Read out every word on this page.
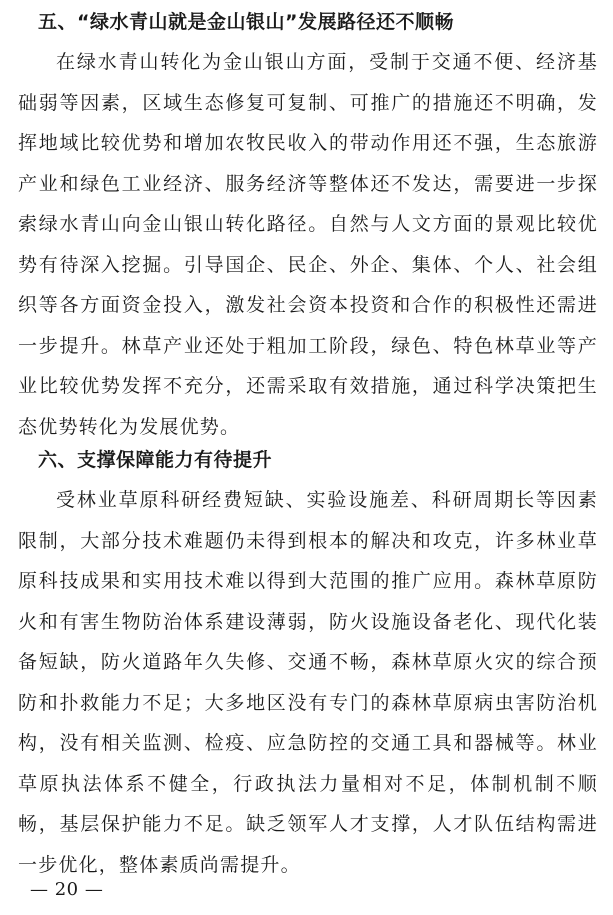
五、“绿水青山就是金山银山”发展路径还不顺畅

在绿水青山转化为金山银山方面，受制于交通不便、经济基础弱等因素，区域生态修复可复制、可推广的措施还不明确，发挥地域比较优势和增加农牧民收入的带动作用还不强，生态旅游产业和绿色工业经济、服务经济等整体还不发达，需要进一步探索绿水青山向金山银山转化路径。自然与人文方面的景观比较优势有待深入挖掘。引导国企、民企、外企、集体、个人、社会组织等各方面资金投入，激发社会资本投资和合作的积极性还需进一步提升。林草产业还处于粗加工阶段，绿色、特色林草业等产业比较优势发挥不充分，还需采取有效措施，通过科学决策把生态优势转化为发展优势。

六、支撑保障能力有待提升

受林业草原科研经费短缺、实验设施差、科研周期长等因素限制，大部分技术难题仍未得到根本的解决和攻克，许多林业草原科技成果和实用技术难以得到大范围的推广应用。森林草原防火和有害生物防治体系建设薄弱，防火设施设备老化、现代化装备短缺，防火道路年久失修、交通不畅，森林草原火灾的综合预防和扑救能力不足；大多地区没有专门的森林草原病虫害防治机构，没有相关监测、检疫、应急防控的交通工具和器械等。林业草原执法体系不健全，行政执法力量相对不足，体制机制不顺畅，基层保护能力不足。缺乏领军人才支撑，人才队伍结构需进一步优化，整体素质尚需提升。

— 20 —
